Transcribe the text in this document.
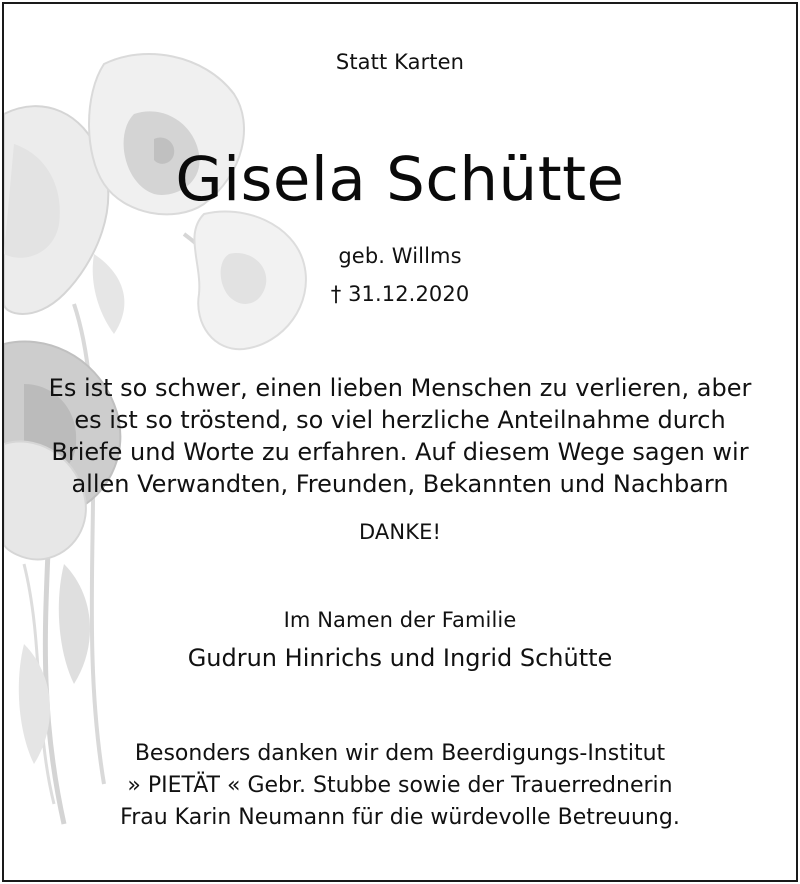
Statt Karten
Gisela Schütte
geb. Willms
† 31.12.2020
Es ist so schwer, einen lieben Menschen zu verlieren, aber
es ist so tröstend, so viel herzliche Anteilnahme durch
Briefe und Worte zu erfahren. Auf diesem Wege sagen wir
allen Verwandten, Freunden, Bekannten und Nachbarn
DANKE!
Im Namen der Familie
Gudrun Hinrichs und Ingrid Schütte
Besonders danken wir dem Beerdigungs-Institut
» PIETÄT « Gebr. Stubbe sowie der Trauerrednerin
Frau Karin Neumann für die würdevolle Betreuung.
